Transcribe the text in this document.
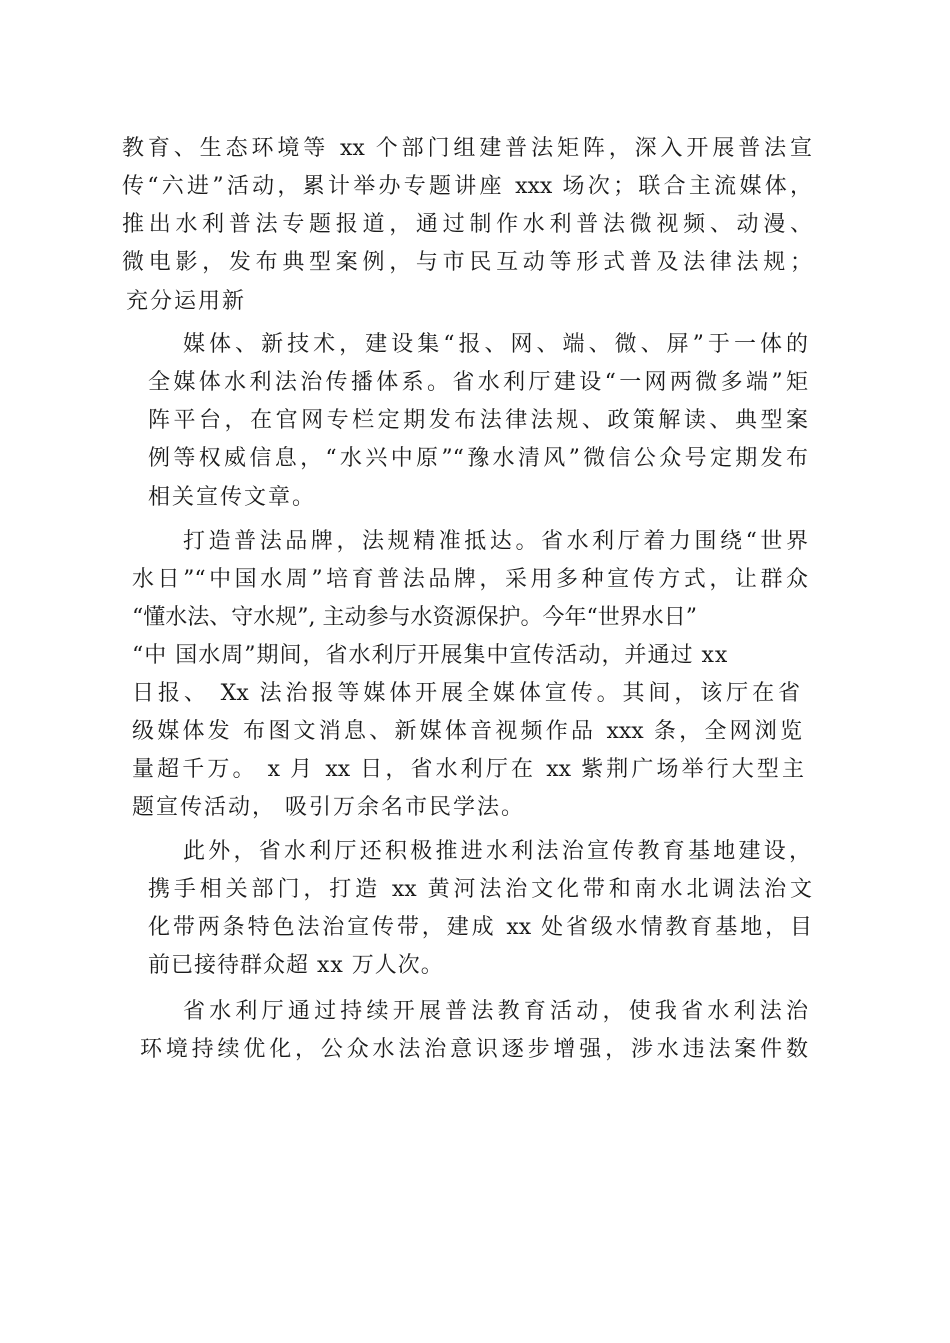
教育、生态环境等 xx 个部门组建普法矩阵，深入开展普法宣
传“六进”活动，累计举办专题讲座 xxx 场次；联合主流媒体，
推出水利普法专题报道，通过制作水利普法微视频、动漫、
微电影，发布典型案例，与市民互动等形式普及法律法规；
充分运用新
媒体、新技术，建设集“报、网、端、微、屏”于一体的
全媒体水利法治传播体系。省水利厅建设“一网两微多端”矩
阵平台，在官网专栏定期发布法律法规、政策解读、典型案
例等权威信息，“水兴中原”“豫水清风”微信公众号定期发布
相关宣传文章。
打造普法品牌，法规精准抵达。省水利厅着力围绕“世界
水日”“中国水周”培育普法品牌，采用多种宣传方式，让群众
“懂水法、守水规”, 主动参与水资源保护。今年“世界水日”
“中 国水周”期间，省水利厅开展集中宣传活动，并通过 xx
日报、 Xx 法治报等媒体开展全媒体宣传。其间，该厅在省
级媒体发 布图文消息、新媒体音视频作品 xxx 条，全网浏览
量超千万。 x 月 xx 日，省水利厅在 xx 紫荆广场举行大型主
题宣传活动， 吸引万余名市民学法。
此外，省水利厅还积极推进水利法治宣传教育基地建设，
携手相关部门，打造 xx 黄河法治文化带和南水北调法治文
化带两条特色法治宣传带，建成 xx 处省级水情教育基地，目
前已接待群众超 xx 万人次。
省水利厅通过持续开展普法教育活动，使我省水利法治
环境持续优化，公众水法治意识逐步增强，涉水违法案件数
